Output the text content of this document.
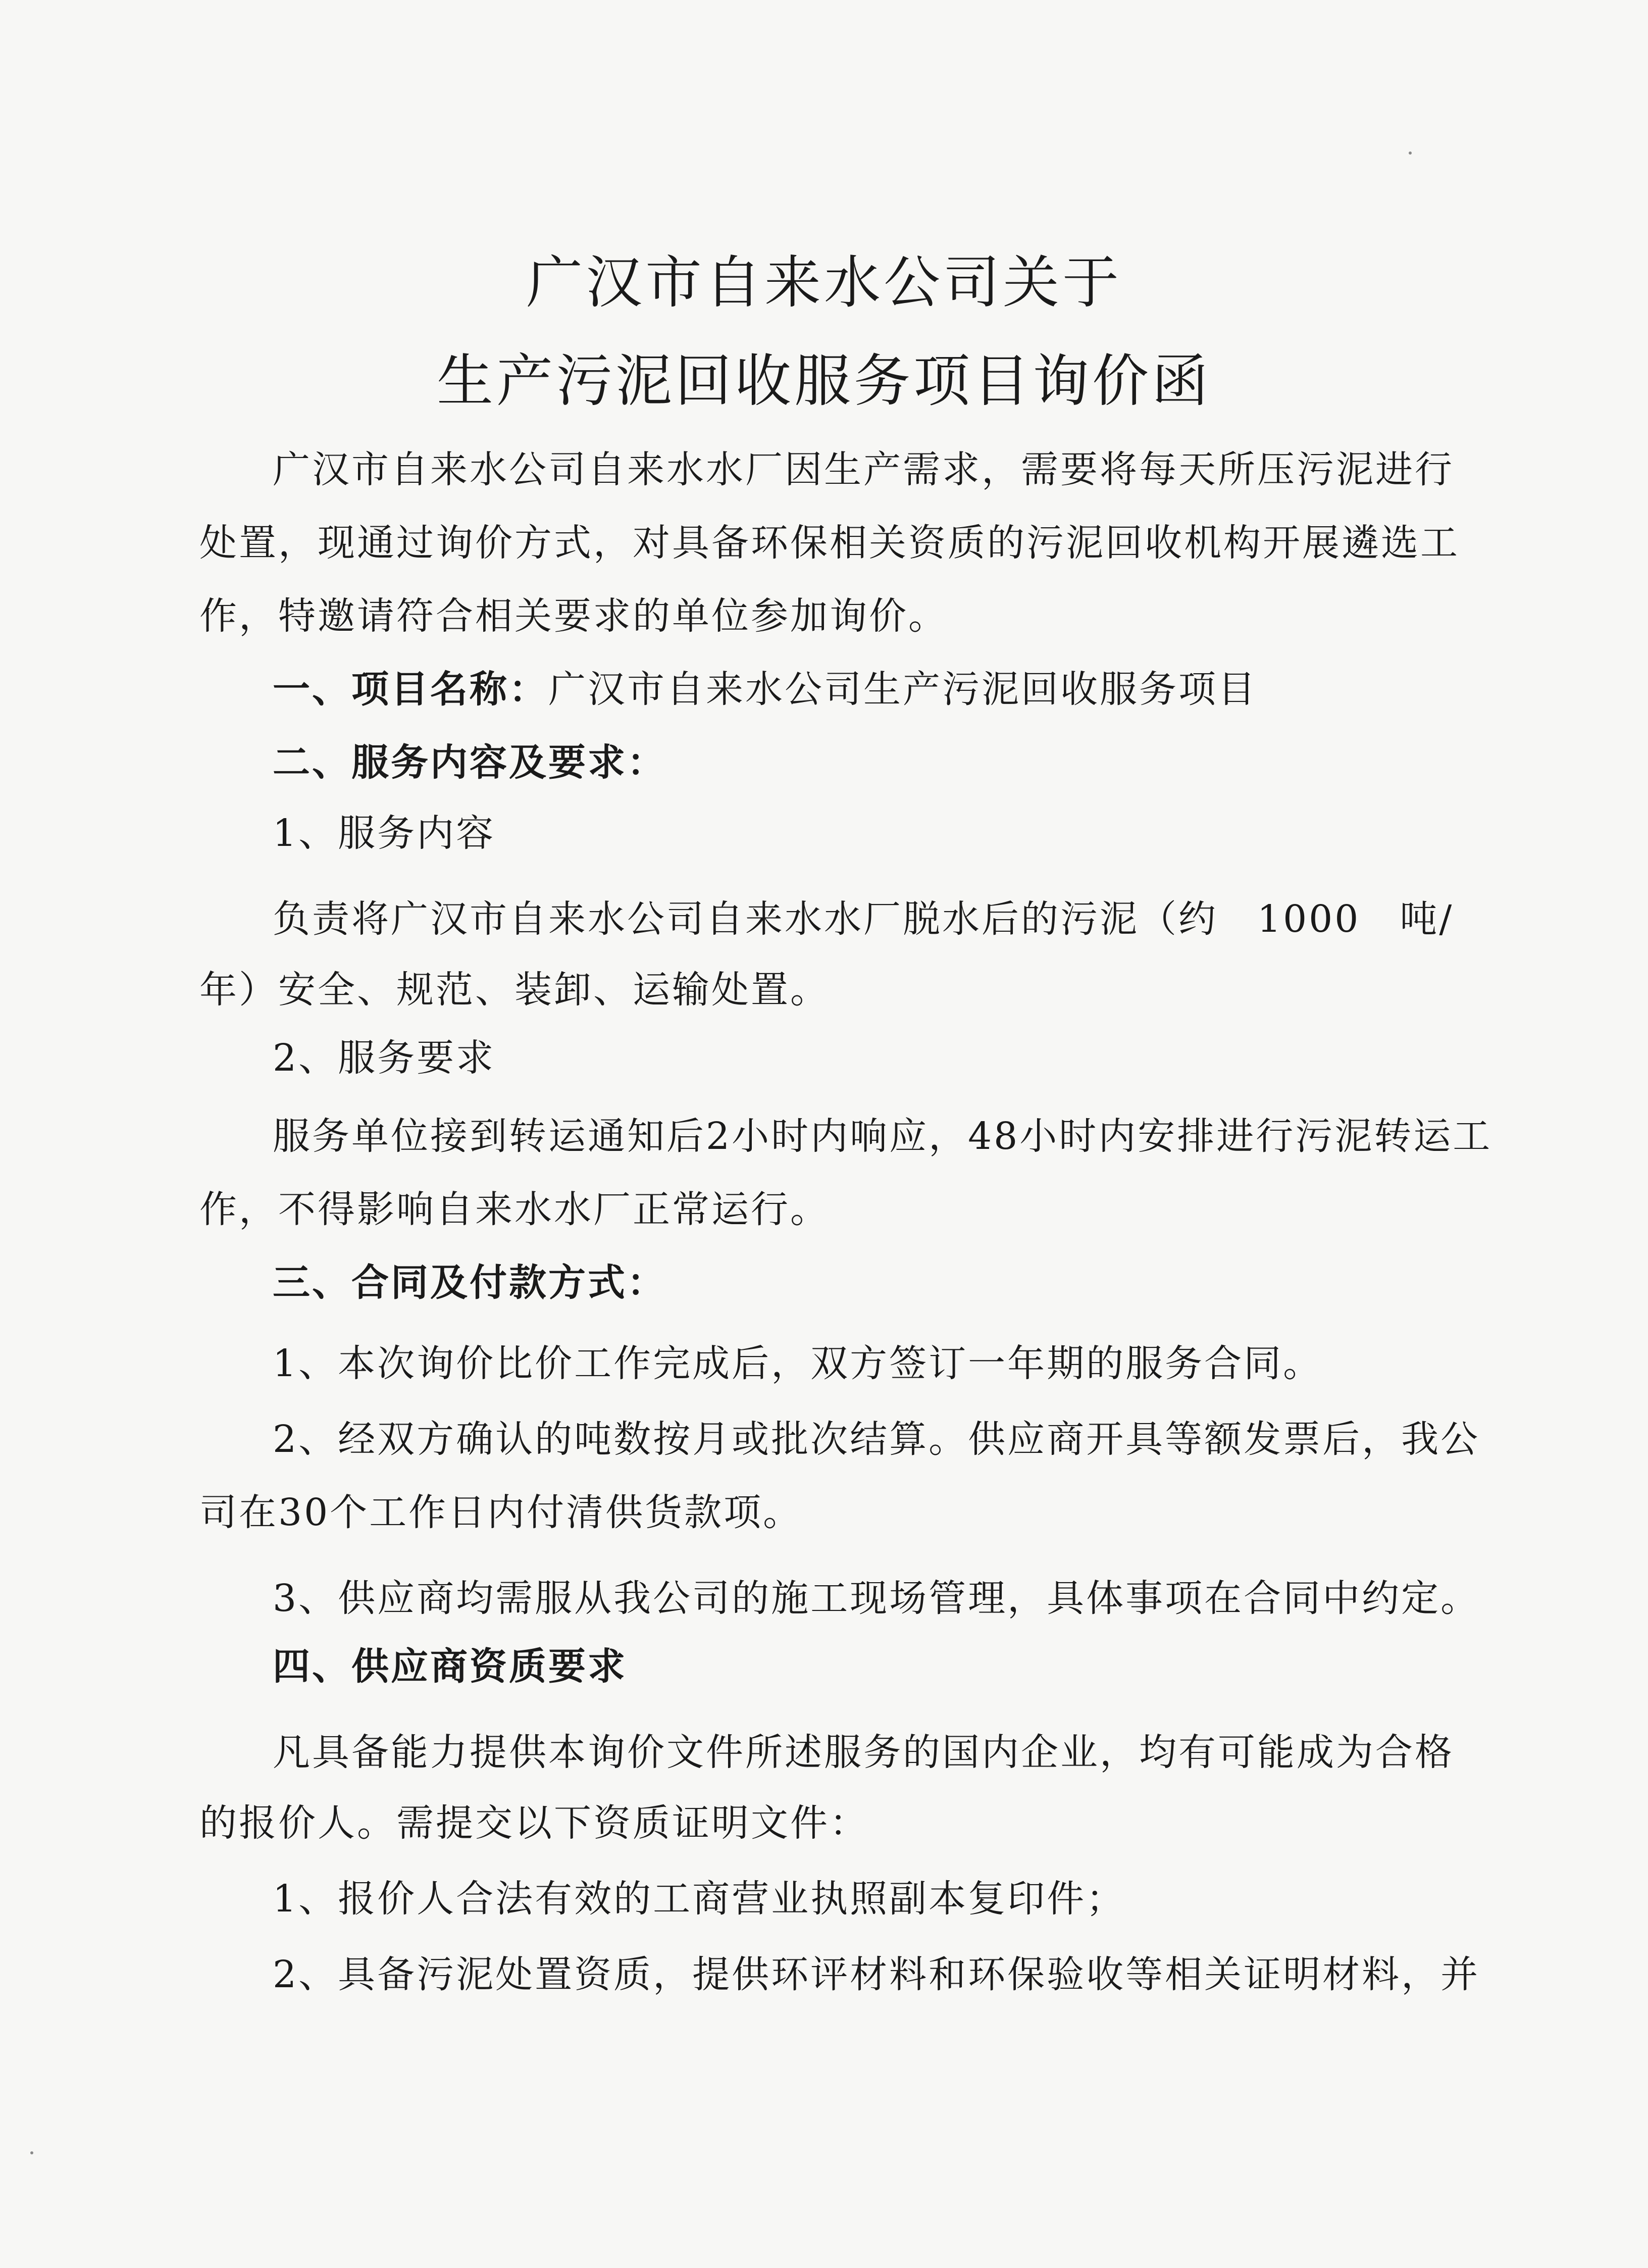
广汉市自来水公司关于
生产污泥回收服务项目询价函
广汉市自来水公司自来水水厂因生产需求，需要将每天所压污泥进行
处置，现通过询价方式，对具备环保相关资质的污泥回收机构开展遴选工
作，特邀请符合相关要求的单位参加询价。
一、项目名称：广汉市自来水公司生产污泥回收服务项目
二、服务内容及要求：
1、服务内容
负责将广汉市自来水公司自来水水厂脱水后的污泥（约　1000　吨/
年）安全、规范、装卸、运输处置。
2、服务要求
服务单位接到转运通知后2小时内响应，48小时内安排进行污泥转运工
作，不得影响自来水水厂正常运行。
三、合同及付款方式：
1、本次询价比价工作完成后，双方签订一年期的服务合同。
2、经双方确认的吨数按月或批次结算。供应商开具等额发票后，我公
司在30个工作日内付清供货款项。
3、供应商均需服从我公司的施工现场管理，具体事项在合同中约定。
四、供应商资质要求
凡具备能力提供本询价文件所述服务的国内企业，均有可能成为合格
的报价人。需提交以下资质证明文件：
1、报价人合法有效的工商营业执照副本复印件；
2、具备污泥处置资质，提供环评材料和环保验收等相关证明材料，并
